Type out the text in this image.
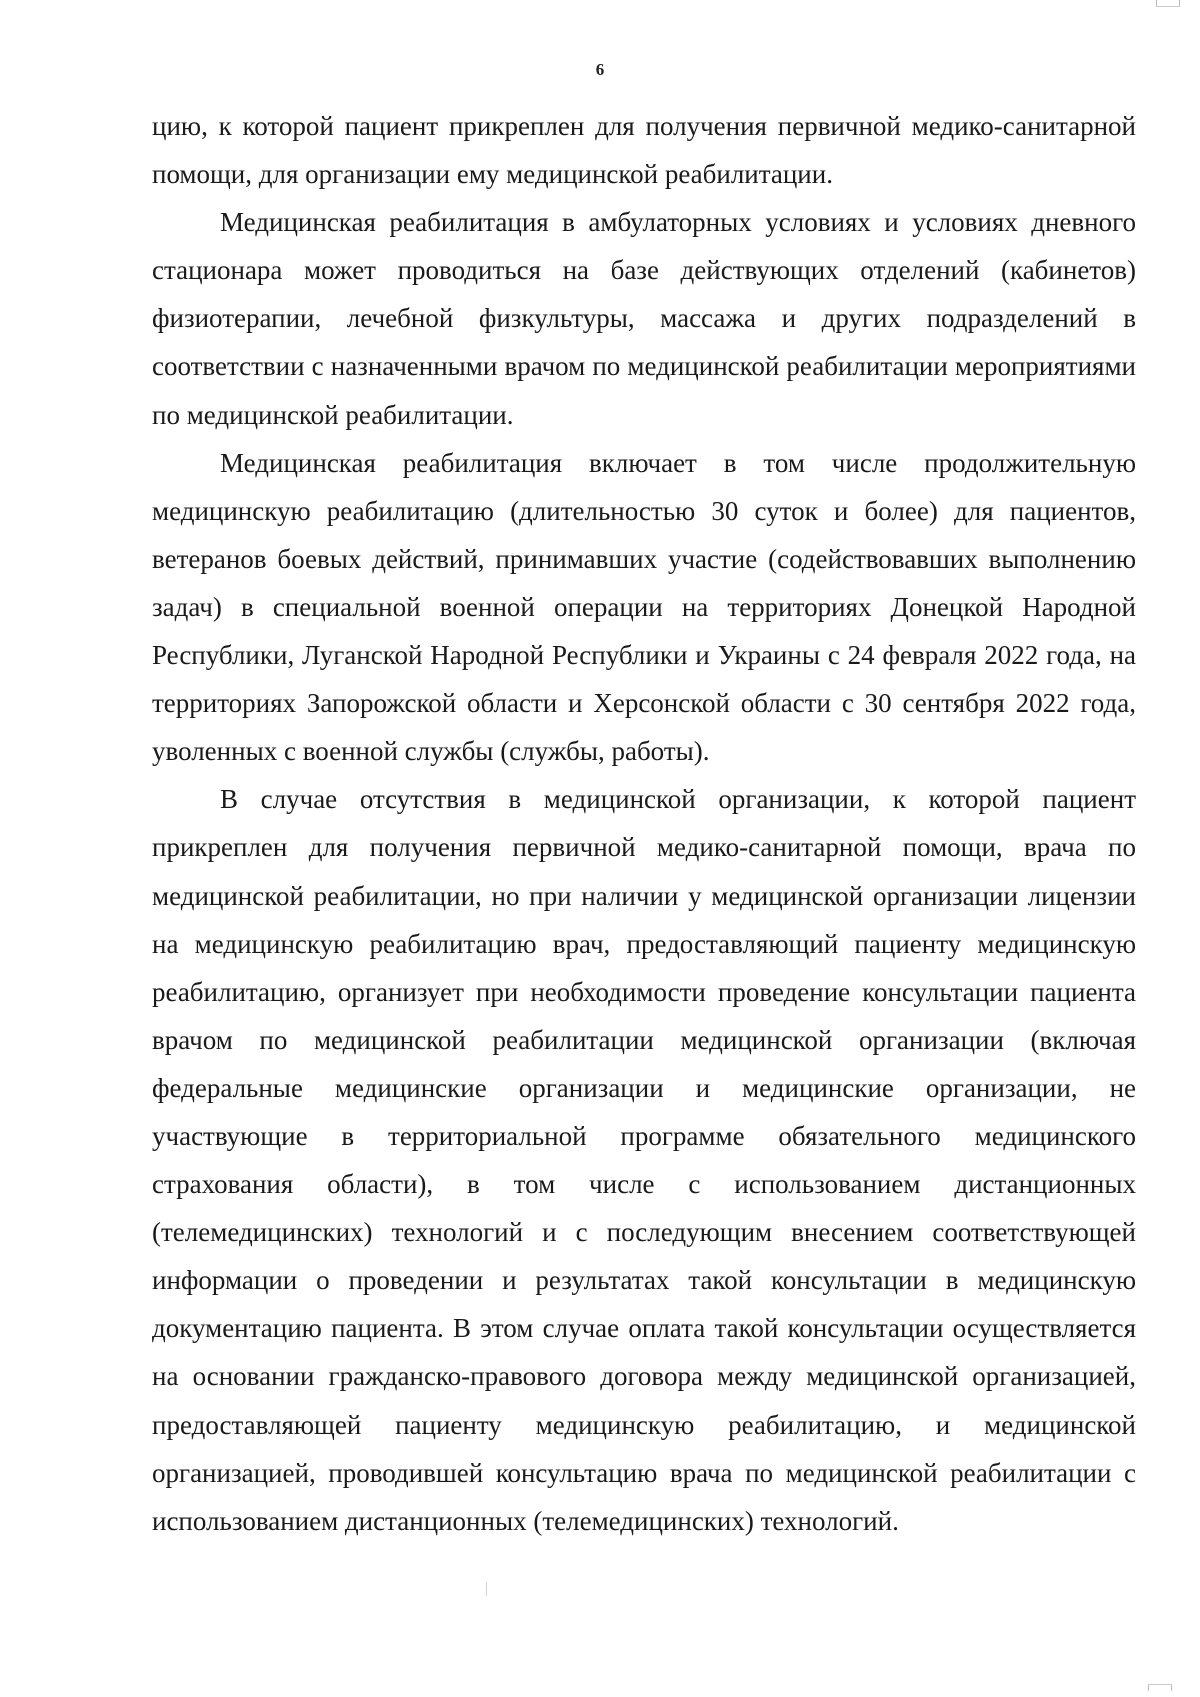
6

цию, к которой пациент прикреплен для получения первичной медико-санитарной помощи, для организации ему медицинской реабилитации.

Медицинская реабилитация в амбулаторных условиях и условиях дневного стационара может проводиться на базе действующих отделений (кабинетов) физиотерапии, лечебной физкультуры, массажа и других подразделений в соответствии с назначенными врачом по медицинской реабилитации мероприятиями по медицинской реабилитации.

Медицинская реабилитация включает в том числе продолжительную медицинскую реабилитацию (длительностью 30 суток и более) для пациентов, ветеранов боевых действий, принимавших участие (содействовавших выполнению задач) в специальной военной операции на территориях Донецкой Народной Республики, Луганской Народной Республики и Украины с 24 февраля 2022 года, на территориях Запорожской области и Херсонской области с 30 сентября 2022 года, уволенных с военной службы (службы, работы).

В случае отсутствия в медицинской организации, к которой пациент прикреплен для получения первичной медико-санитарной помощи, врача по медицинской реабилитации, но при наличии у медицинской организации лицензии на медицинскую реабилитацию врач, предоставляющий пациенту медицинскую реабилитацию, организует при необходимости проведение консультации пациента врачом по медицинской реабилитации медицинской организации (включая федеральные медицинские организации и медицинские организации, не участвующие в территориальной программе обязательного медицинского страхования области), в том числе с использованием дистанционных (телемедицинских) технологий и с последующим внесением соответствующей информации о проведении и результатах такой консультации в медицинскую документацию пациента. В этом случае оплата такой консультации осуществляется на основании гражданско-правового договора между медицинской организацией, предоставляющей пациенту медицинскую реабилитацию, и медицинской организацией, проводившей консультацию врача по медицинской реабилитации с использованием дистанционных (телемедицинских) технологий.
